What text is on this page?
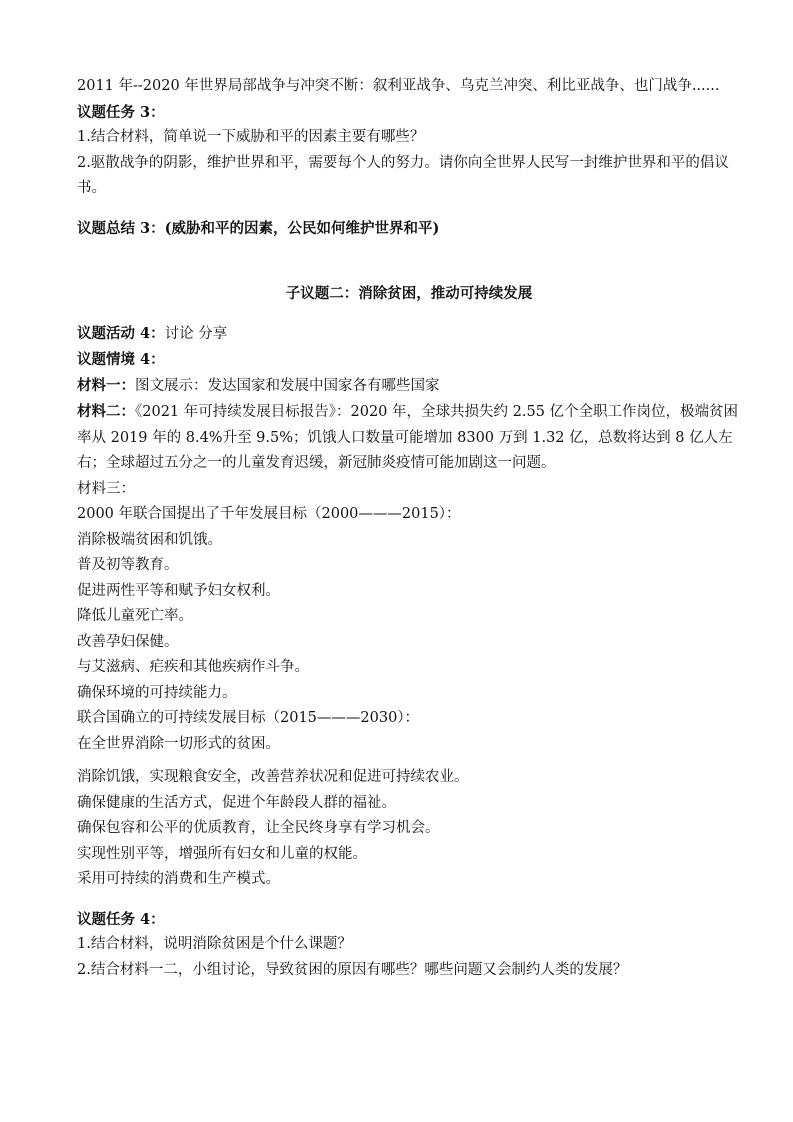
2011 年--2020 年世界局部战争与冲突不断：叙利亚战争、乌克兰冲突、利比亚战争、也门战争......
议题任务 3：
1.结合材料，简单说一下威胁和平的因素主要有哪些？
2.驱散战争的阴影，维护世界和平，需要每个人的努力。请你向全世界人民写一封维护世界和平的倡议书。
议题总结 3：(威胁和平的因素，公民如何维护世界和平)
子议题二：消除贫困，推动可持续发展
议题活动 4：讨论 分享
议题情境 4：
材料一：图文展示：发达国家和发展中国家各有哪些国家
材料二：《2021 年可持续发展目标报告》：2020 年，全球共损失约 2.55 亿个全职工作岗位，极端贫困率从 2019 年的 8.4%升至 9.5%；饥饿人口数量可能增加 8300 万到 1.32 亿，总数将达到 8 亿人左右；全球超过五分之一的儿童发育迟缓，新冠肺炎疫情可能加剧这一问题。
材料三：
2000 年联合国提出了千年发展目标（2000———2015）：
消除极端贫困和饥饿。
普及初等教育。
促进两性平等和赋予妇女权利。
降低儿童死亡率。
改善孕妇保健。
与艾滋病、疟疾和其他疾病作斗争。
确保环境的可持续能力。
联合国确立的可持续发展目标（2015———2030）：
在全世界消除一切形式的贫困。
消除饥饿，实现粮食安全，改善营养状况和促进可持续农业。
确保健康的生活方式，促进个年龄段人群的福祉。
确保包容和公平的优质教育，让全民终身享有学习机会。
实现性别平等，增强所有妇女和儿童的权能。
采用可持续的消费和生产模式。
议题任务 4：
1.结合材料，说明消除贫困是个什么课题？
2.结合材料一二，小组讨论，导致贫困的原因有哪些？哪些问题又会制约人类的发展？
